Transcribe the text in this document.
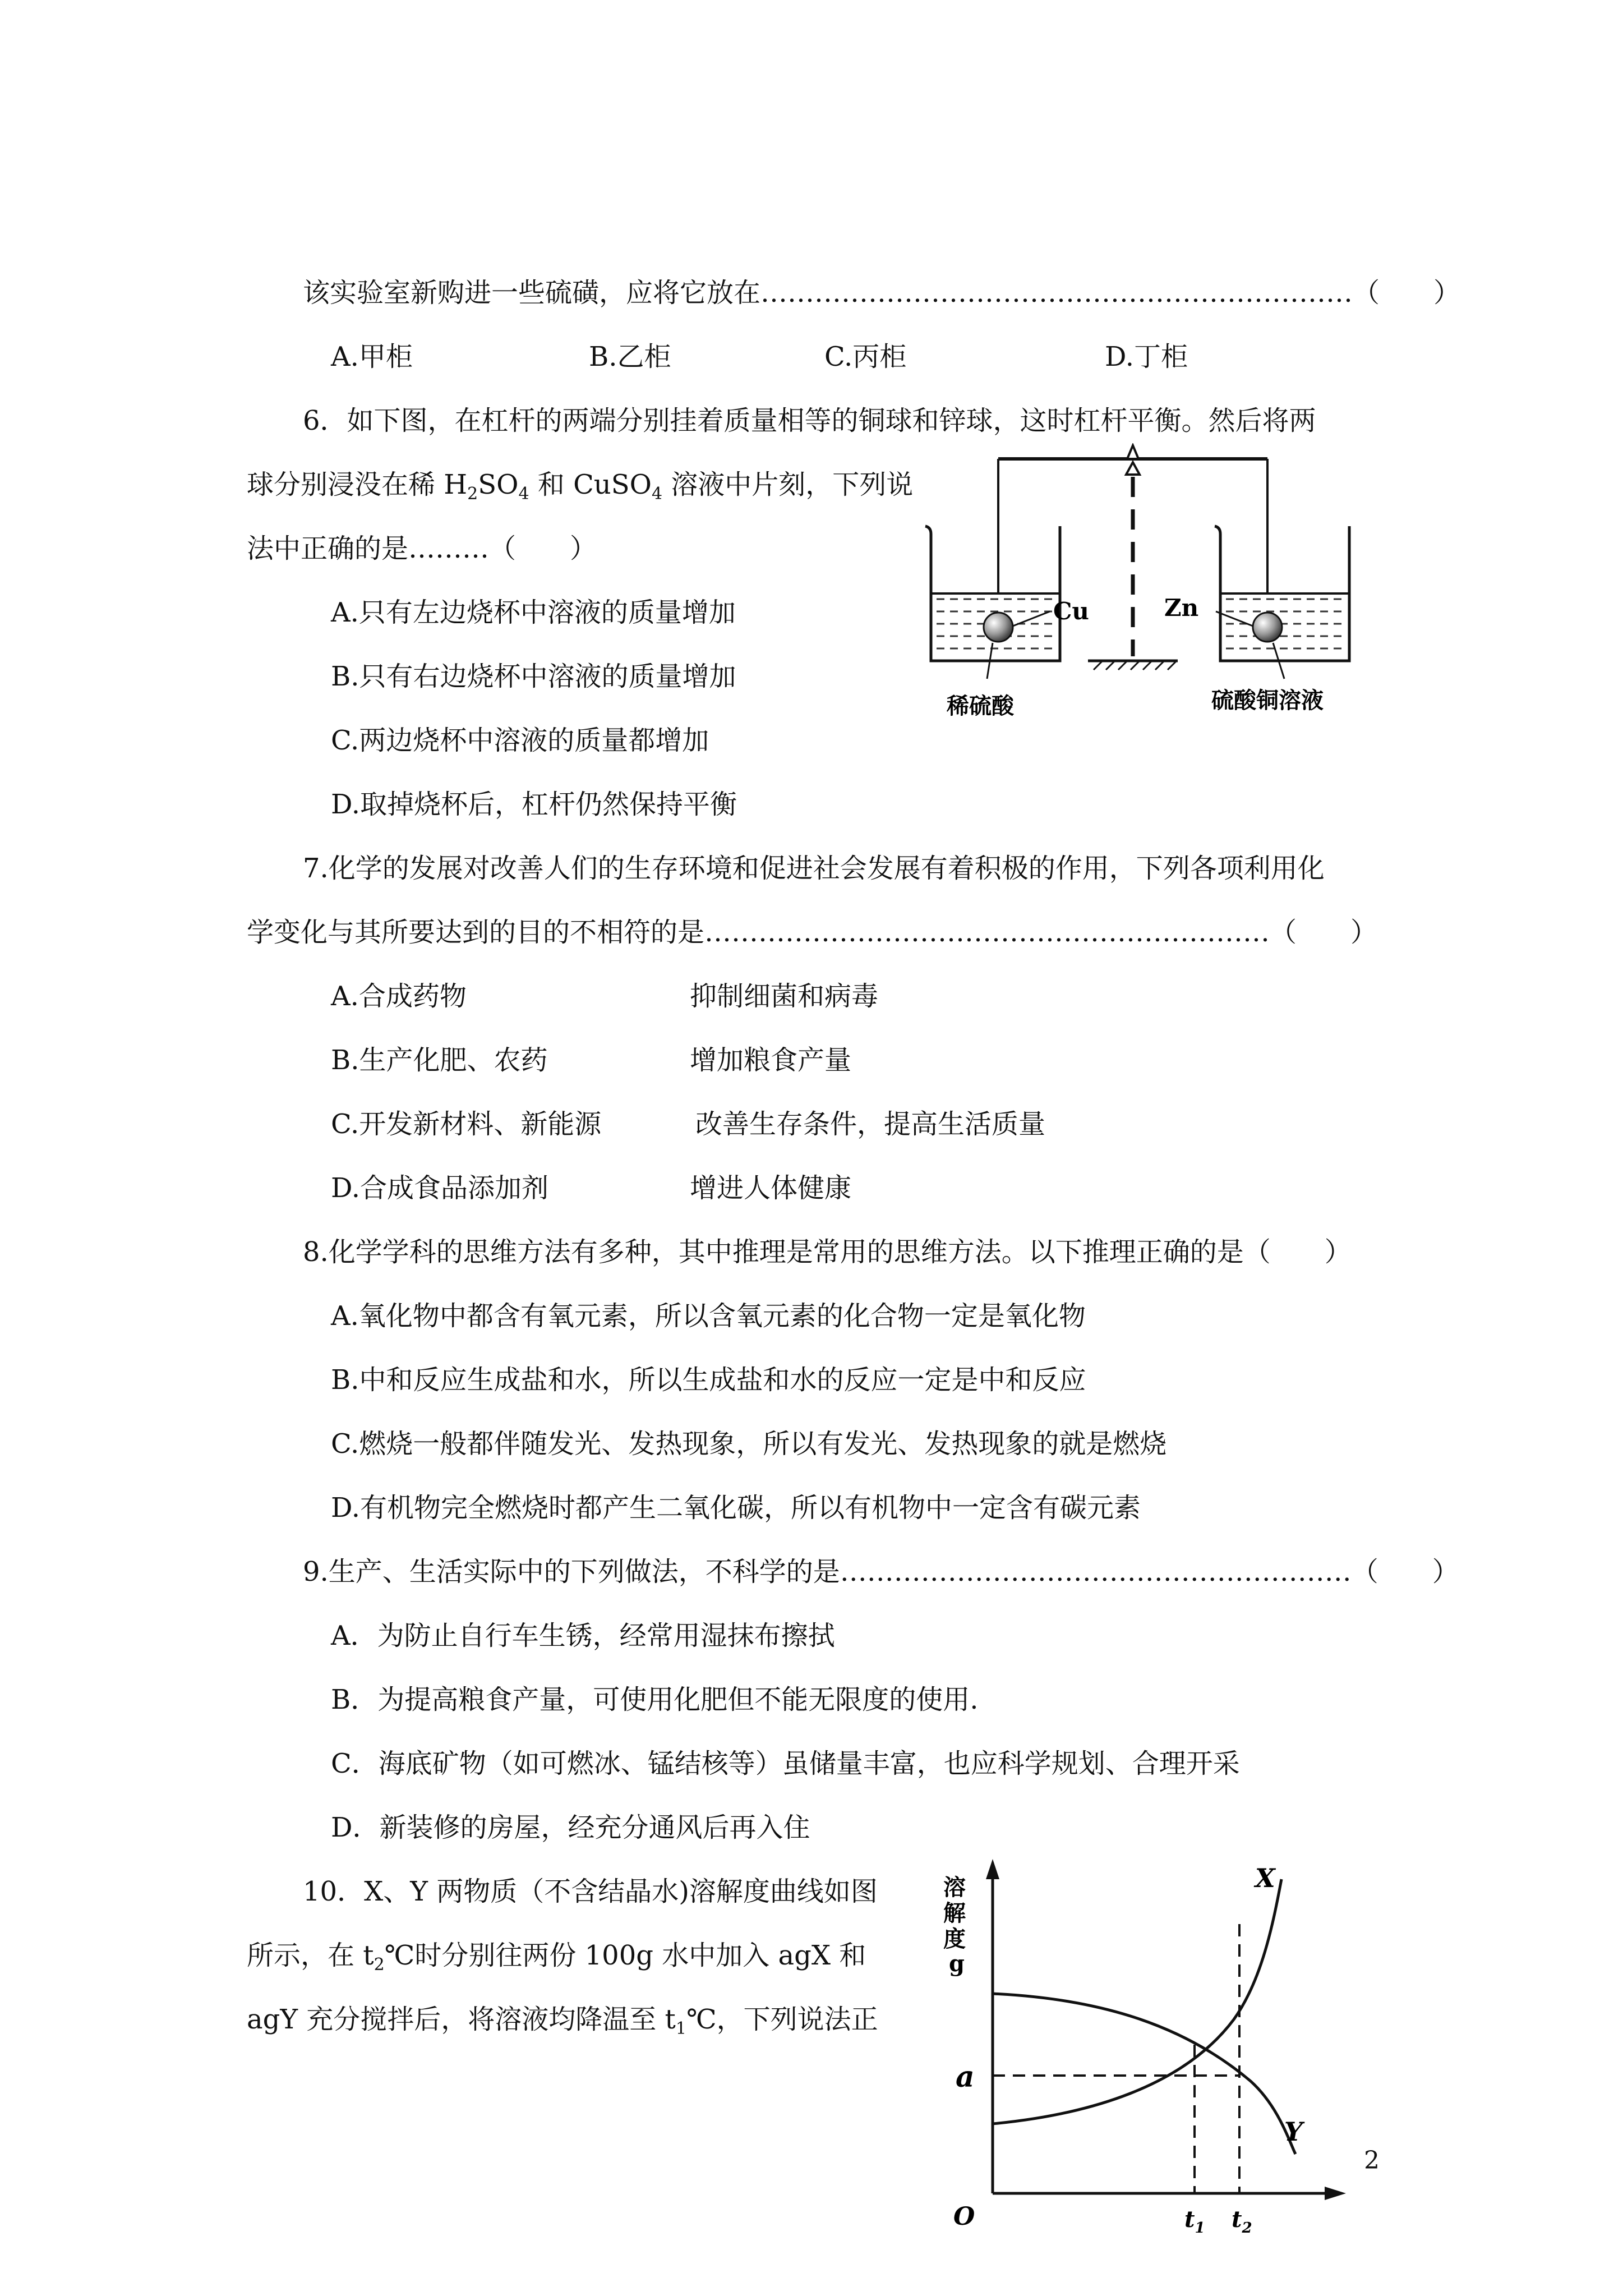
该实验室新购进一些硫磺，应将它放在…………………………………………………………（　　）
A.甲柜	B.乙柜	C.丙柜	D.丁柜
6．如下图，在杠杆的两端分别挂着质量相等的铜球和锌球，这时杠杆平衡。然后将两
球分别浸没在稀 $H_2SO_4$ 和 CuSO$_4$ 溶液中片刻，下列说
法中正确的是………（　　）
A.只有左边烧杯中溶液的质量增加
B.只有右边烧杯中溶液的质量增加
C.两边烧杯中溶液的质量都增加
D.取掉烧杯后，杠杆仍然保持平衡
Cu	Zn
稀硫酸	硫酸铜溶液
7.化学的发展对改善人们的生存环境和促进社会发展有着积极的作用，下列各项利用化
学变化与其所要达到的目的不相符的是………………………………………………………（　　）
A.合成药物	抑制细菌和病毒
B.生产化肥、农药	增加粮食产量
C.开发新材料、新能源	改善生存条件，提高生活质量
D.合成食品添加剂	增进人体健康
8.化学学科的思维方法有多种，其中推理是常用的思维方法。以下推理正确的是（　　）
A.氧化物中都含有氧元素，所以含氧元素的化合物一定是氧化物
B.中和反应生成盐和水，所以生成盐和水的反应一定是中和反应
C.燃烧一般都伴随发光、发热现象，所以有发光、发热现象的就是燃烧
D.有机物完全燃烧时都产生二氧化碳，所以有机物中一定含有碳元素
9.生产、生活实际中的下列做法，不科学的是…………………………………………………（　　）
A．为防止自行车生锈，经常用湿抹布擦拭
B．为提高粮食产量，可使用化肥但不能无限度的使用.
C．海底矿物（如可燃冰、锰结核等）虽储量丰富，也应科学规划、合理开采
D．新装修的房屋，经充分通风后再入住
10．X、Y 两物质（不含结晶水)溶解度曲线如图
所示，在 $t_2℃$时分别往两份 100g 水中加入 agX 和
agY 充分搅拌后，将溶液均降温至 $t_1℃$，下列说法正
溶
解
度
g
a
O
X
Y
$t_1$ $t_2$
2
